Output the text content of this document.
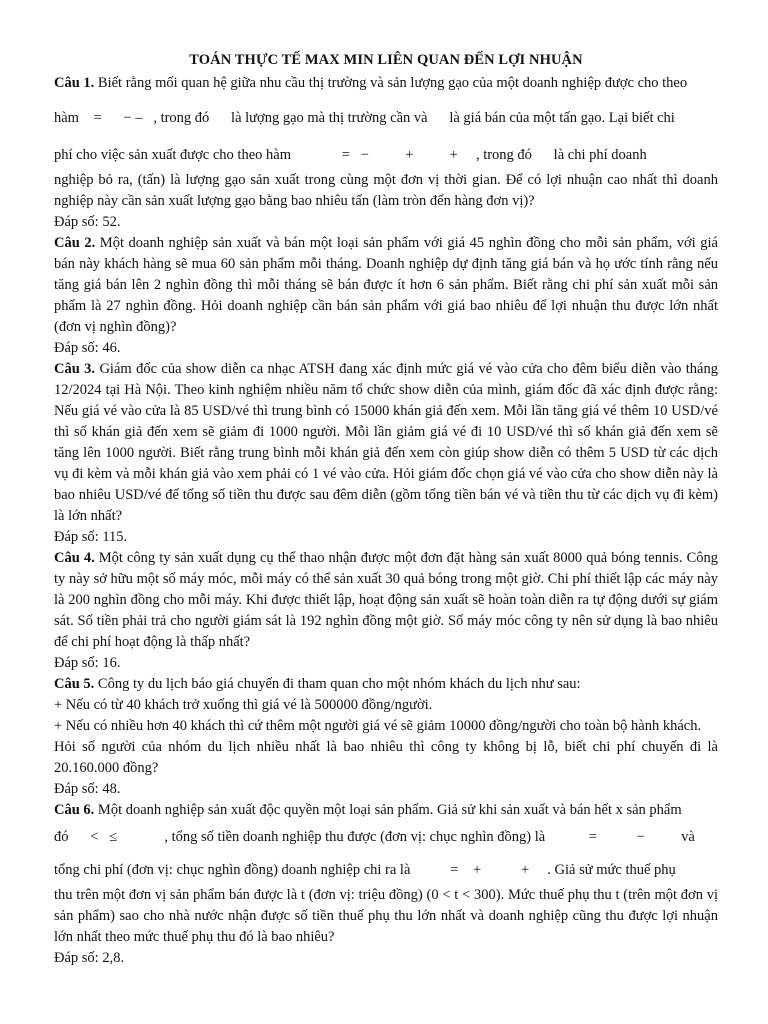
TOÁN THỰC TẾ MAX MIN LIÊN QUAN ĐẾN LỢI NHUẬN

Câu 1. Biết rằng mối quan hệ giữa nhu cầu thị trường và sản lượng gạo của một doanh nghiệp được cho theo

hàm    =      − –   , trong đó      là lượng gạo mà thị trường cần và      là giá bán của một tấn gạo. Lại biết chi

phí cho việc sản xuất được cho theo hàm              =   −          +          +     , trong đó      là chi phí doanh

nghiệp bỏ ra, (tấn) là lượng gạo sản xuất trong cùng một đơn vị thời gian. Để có lợi nhuận cao nhất thì doanh nghiệp này cần sản xuất lượng gạo bằng bao nhiêu tấn (làm tròn đến hàng đơn vị)?

Đáp số: 52.

Câu 2. Một doanh nghiệp sản xuất và bán một loại sản phẩm với giá 45 nghìn đồng cho mỗi sản phẩm, với giá bán này khách hàng sẽ mua 60 sản phẩm mỗi tháng. Doanh nghiệp dự định tăng giá bán và họ ước tính rằng nếu tăng giá bán lên 2 nghìn đồng thì mỗi tháng sẽ bán được ít hơn 6 sản phẩm. Biết rằng chi phí sản xuất mỗi sản phẩm là 27 nghìn đồng. Hỏi doanh nghiệp cần bán sản phẩm với giá bao nhiêu để lợi nhuận thu được lớn nhất (đơn vị nghìn đồng)?

Đáp số: 46.

Câu 3. Giám đốc của show diễn ca nhạc ATSH đang xác định mức giá vé vào cửa cho đêm biểu diễn vào tháng 12/2024 tại Hà Nội. Theo kinh nghiệm nhiều năm tổ chức show diễn của mình, giám đốc đã xác định được rằng: Nếu giá vé vào cửa là 85 USD/vé thì trung bình có 15000 khán giả đến xem. Mỗi lần tăng giá vé thêm 10 USD/vé thì số khán giả đến xem sẽ giảm đi 1000 người. Mỗi lần giảm giá vé đi 10 USD/vé thì số khán giả đến xem sẽ tăng lên 1000 người. Biết rằng trung bình mỗi khán giả đến xem còn giúp show diễn có thêm 5 USD từ các dịch vụ đi kèm và mỗi khán giả vào xem phải có 1 vé vào cửa. Hỏi giám đốc chọn giá vé vào cửa cho show diễn này là bao nhiêu USD/vé để tổng số tiền thu được sau đêm diễn (gồm tổng tiền bán vé và tiền thu từ các dịch vụ đi kèm) là lớn nhất?

Đáp số: 115.

Câu 4. Một công ty sản xuất dụng cụ thể thao nhận được một đơn đặt hàng sản xuất 8000 quả bóng tennis. Công ty này sở hữu một số máy móc, mỗi máy có thể sản xuất 30 quả bóng trong một giờ. Chi phí thiết lập các máy này là 200 nghìn đồng cho mỗi máy. Khi được thiết lập, hoạt động sản xuất sẽ hoàn toàn diễn ra tự động dưới sự giám sát. Số tiền phải trả cho người giám sát là 192 nghìn đồng một giờ. Số máy móc công ty nên sử dụng là bao nhiêu để chi phí hoạt động là thấp nhất?

Đáp số: 16.

Câu 5. Công ty du lịch báo giá chuyến đi tham quan cho một nhóm khách du lịch như sau:

+ Nếu có từ 40 khách trở xuống thì giá vé là 500000 đồng/người.

+ Nếu có nhiều hơn 40 khách thì cứ thêm một người giá vé sẽ giảm 10000 đồng/người cho toàn bộ hành khách.

Hỏi số người của nhóm du lịch nhiều nhất là bao nhiêu thì công ty không bị lỗ, biết chi phí chuyến đi là 20.160.000 đồng?

Đáp số: 48.

Câu 6. Một doanh nghiệp sản xuất độc quyền một loại sản phẩm. Giả sử khi sản xuất và bán hết x sản phẩm

đó      <   ≤             , tổng số tiền doanh nghiệp thu được (đơn vị: chục nghìn đồng) là            =           −          và

tổng chi phí (đơn vị: chục nghìn đồng) doanh nghiệp chi ra là           =    +           +     . Giả sử mức thuế phụ

thu trên một đơn vị sản phẩm bán được là t (đơn vị: triệu đồng) (0 < t < 300). Mức thuế phụ thu t (trên một đơn vị sản phẩm) sao cho nhà nước nhận được số tiền thuế phụ thu lớn nhất và doanh nghiệp cũng thu được lợi nhuận lớn nhất theo mức thuế phụ thu đó là bao nhiêu?

Đáp số: 2,8.
